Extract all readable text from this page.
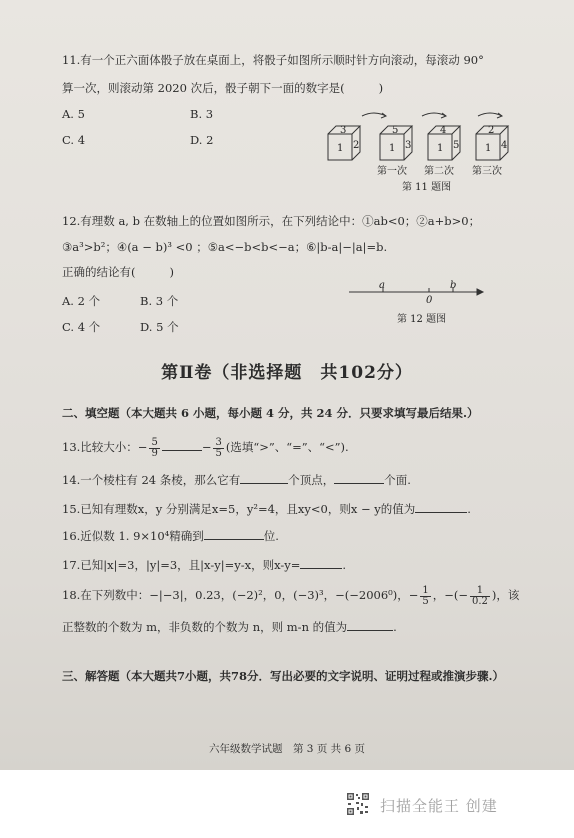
11.有一个正六面体骰子放在桌面上，将骰子如图所示顺时针方向滚动，每滚动 90°
算一次，则滚动第 2020 次后，骰子朝下一面的数字是(	)
A. 5	B. 3
C. 4	D. 2
3
1 2
5
1 3
4
1 5
2
1 4
第一次 第二次 第三次
第 11 题图
12.有理数 a, b 在数轴上的位置如图所示，在下列结论中：①ab<0；②a+b>0；
③a³>b²；④(a − b)³ <0 ；⑤a<−b<b<−a；⑥|b-a|−|a|=b.
正确的结论有(	)
A. 2 个	B. 3 个
C. 4 个	D. 5 个
a
0
b
第 12 题图
第Ⅱ卷（非选择题　共102分）
二、填空题（本大题共 6 小题，每小题 4 分，共 24 分．只要求填写最后结果.）
13.比较大小：− $\frac{5}{9}$	− $\frac{3}{5}$ (选填“>”、“=”、“<”).
14.一个棱柱有 24 条棱，那么它有	个顶点，	个面.
15.已知有理数x，y 分别满足x=5，y²=4，且xy<0，则x − y的值为	.
16.近似数 1. 9×10⁴精确到	位.
17.已知|x|=3，|y|=3，且|x-y|=y-x，则x-y=	.
18.在下列数中：−|−3|，0.23，(−2)²，0，(−3)³，−(−2006⁰)，− $\frac{1}{5}$ ，−(− $\frac{1}{0.2}$ )，该
正整数的个数为 m，非负数的个数为 n，则 m-n 的值为	.
三、解答题（本大题共7小题，共78分．写出必要的文字说明、证明过程或推演步骤.）
六年级数学试题　第 3 页 共 6 页
扫描全能王 创建
